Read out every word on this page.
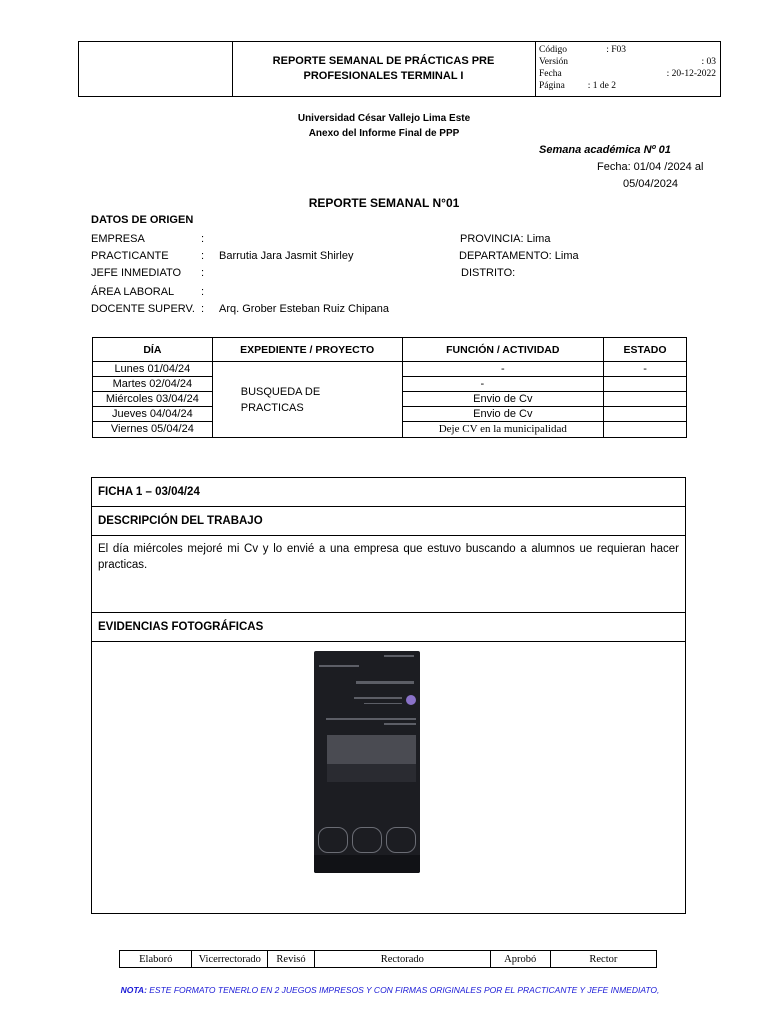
REPORTE SEMANAL DE PRÁCTICAS PRE PROFESIONALES TERMINAL I
Código	: F03
Versión	: 03
Fecha	: 20-12-2022
Página : 1 de 2
Universidad César Vallejo Lima Este
Anexo del Informe Final de PPP
Semana académica Nº 01
Fecha: 01/04 /2024 al
05/04/2024
REPORTE SEMANAL N°01
DATOS DE ORIGEN
EMPRESA	:
PRACTICANTE	: Barrutia Jara Jasmit Shirley
JEFE INMEDIATO :
ÁREA LABORAL :
DOCENTE SUPERV. : Arq. Grober Esteban Ruiz Chipana
PROVINCIA: Lima
DEPARTAMENTO: Lima
DISTRITO:
DÍA	EXPEDIENTE / PROYECTO	FUNCIÓN / ACTIVIDAD	ESTADO
Lunes 01/04/24	BUSQUEDA DE PRACTICAS	-	-
Martes 02/04/24		-	
Miércoles 03/04/24		Envio de Cv	
Jueves 04/04/24		Envio de Cv	
Viernes 05/04/24		Deje CV en la municipalidad	
FICHA 1 – 03/04/24
DESCRIPCIÓN DEL TRABAJO
El día miércoles mejoré mi Cv y lo envié a una empresa que estuvo buscando a alumnos ue requieran hacer practicas.
EVIDENCIAS FOTOGRÁFICAS
Elaboró	Vicerrectorado	Revisó	Rectorado	Aprobó	Rector
NOTA: ESTE FORMATO TENERLO EN 2 JUEGOS IMPRESOS Y CON FIRMAS ORIGINALES POR EL PRACTICANTE Y JEFE INMEDIATO,
